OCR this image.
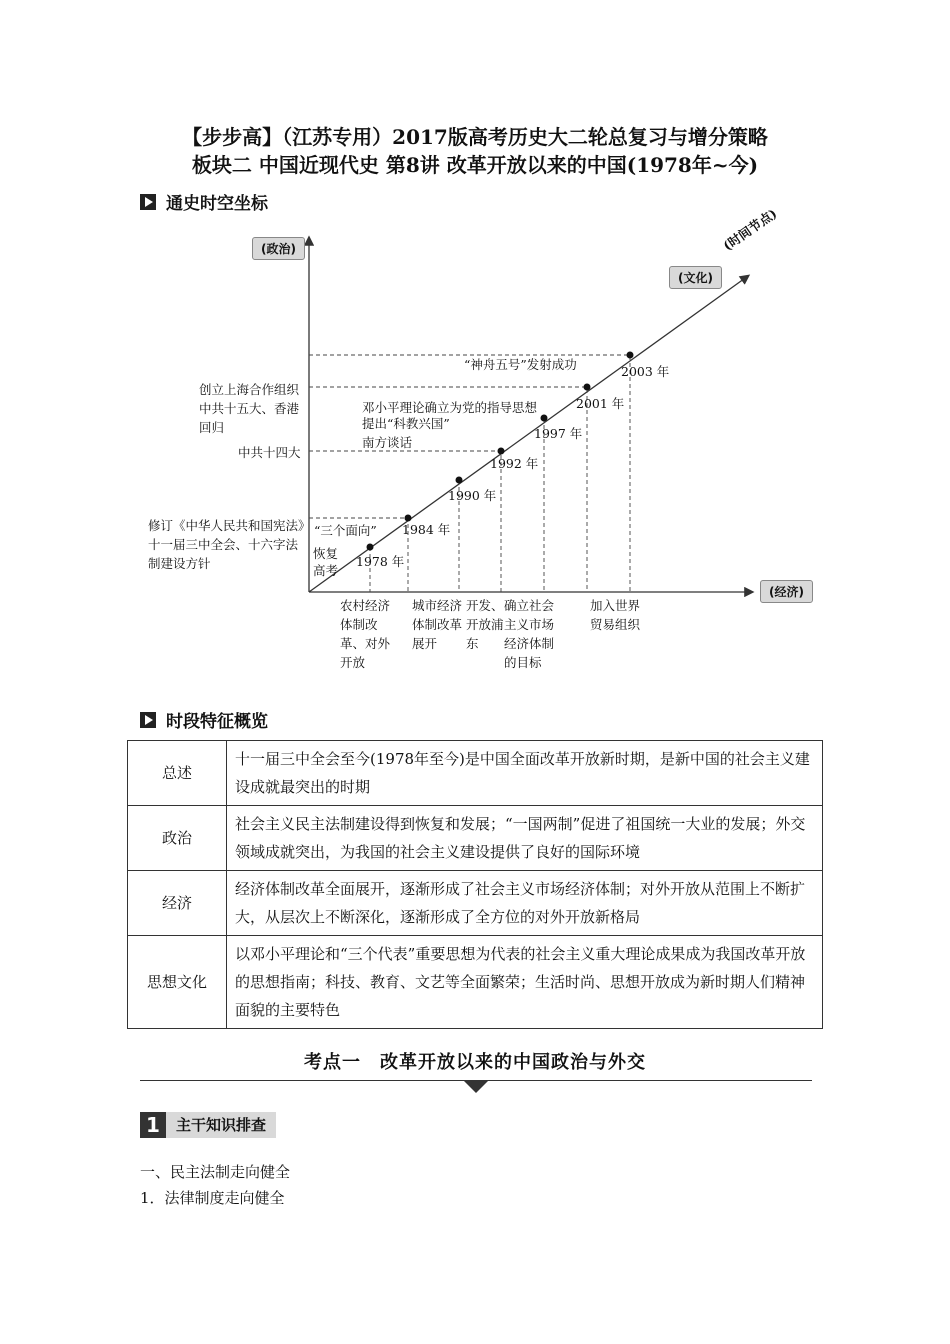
【步步高】（江苏专用）2017版高考历史大二轮总复习与增分策略
板块二 中国近现代史 第8讲 改革开放以来的中国(1978年~今)
通史时空坐标
(政治)
(文化)
(经济)
(时间节点)
1978 年
1984 年
1990 年
1992 年
1997 年
2001 年
2003 年
修订《中华人民共和国宪法》
十一届三中全会、十六字法
制建设方针
中共十四大
创立上海合作组织
中共十五大、香港
回归
恢复
高考
“三个面向”
南方谈话
提出“科教兴国”
邓小平理论确立为党的指导思想
“神舟五号”发射成功
农村经济体制改革、对外开放
城市经济体制改革展开
开发、开放浦东
确立社会主义市场经济体制的目标
加入世界贸易组织
时段特征概览
总述	十一届三中全会至今(1978年至今)是中国全面改革开放新时期，是新中国的社会主义建设成就最突出的时期
政治	社会主义民主法制建设得到恢复和发展；“一国两制”促进了祖国统一大业的发展；外交领域成就突出，为我国的社会主义建设提供了良好的国际环境
经济	经济体制改革全面展开，逐渐形成了社会主义市场经济体制；对外开放从范围上不断扩大，从层次上不断深化，逐渐形成了全方位的对外开放新格局
思想文化	以邓小平理论和“三个代表”重要思想为代表的社会主义重大理论成果成为我国改革开放的思想指南；科技、教育、文艺等全面繁荣；生活时尚、思想开放成为新时期人们精神面貌的主要特色
考点一　改革开放以来的中国政治与外交
1	主干知识排查
一、民主法制走向健全
1．法律制度走向健全
